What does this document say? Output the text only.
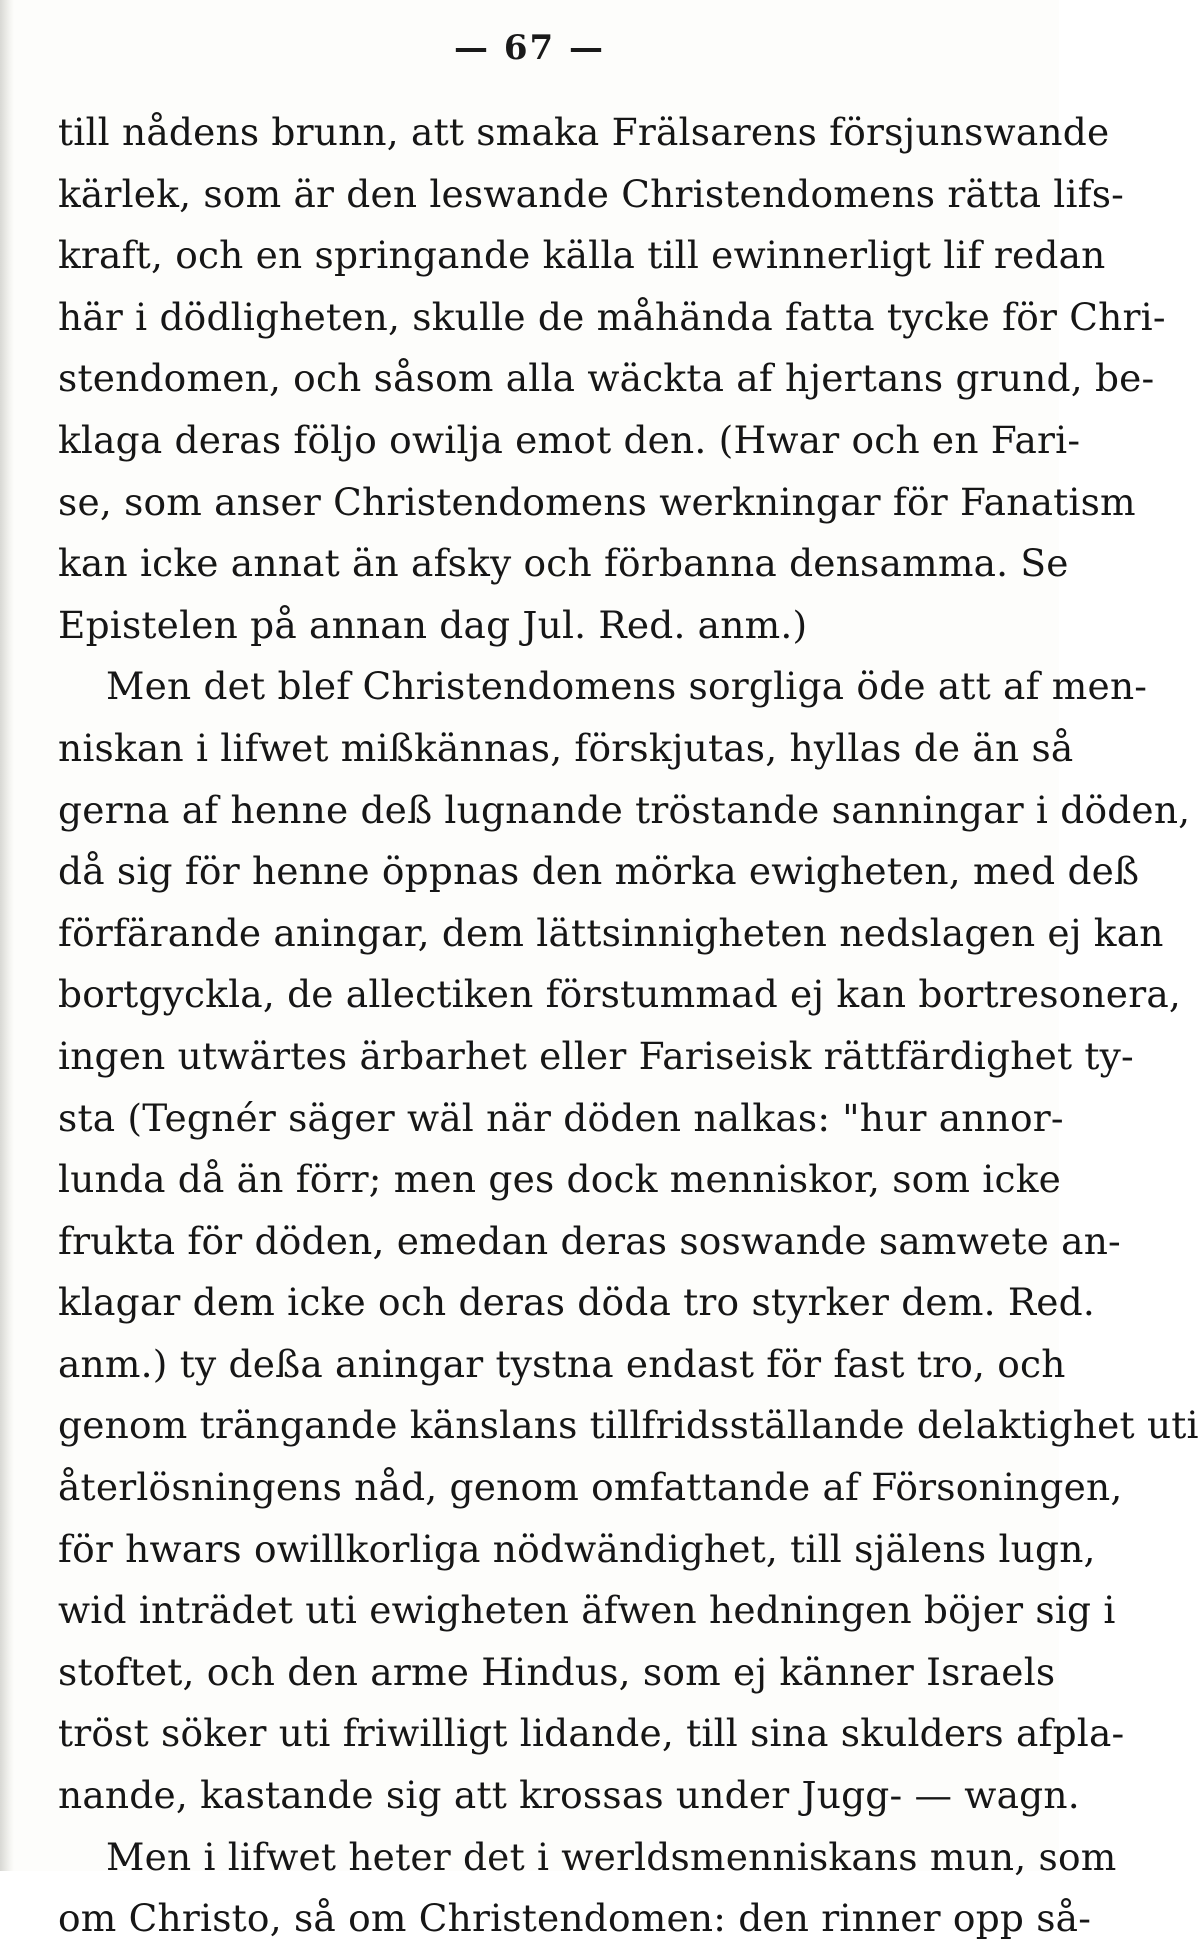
— 67 —
till nådens brunn, att smaka Frälsarens försjunswande
kärlek, som är den leswande Christendomens rätta lifs-
kraft, och en springande källa till ewinnerligt lif redan
här i dödligheten, skulle de måhända fatta tycke för Chri-
stendomen, och såsom alla wäckta af hjertans grund, be-
klaga deras följo owilja emot den. (Hwar och en Fari-
se, som anser Christendomens werkningar för Fanatism
kan icke annat än afsky och förbanna densamma. Se
Epistelen på annan dag Jul. Red. anm.)
Men det blef Christendomens sorgliga öde att af men-
niskan i lifwet mißkännas, förskjutas, hyllas de än så
gerna af henne deß lugnande tröstande sanningar i döden,
då sig för henne öppnas den mörka ewigheten, med deß
förfärande aningar, dem lättsinnigheten nedslagen ej kan
bortgyckla, de allectiken förstummad ej kan bortresonera,
ingen utwärtes ärbarhet eller Fariseisk rättfärdighet ty-
sta (Tegnér säger wäl när döden nalkas: "hur annor-
lunda då än förr; men ges dock menniskor, som icke
frukta för döden, emedan deras soswande samwete an-
klagar dem icke och deras döda tro styrker dem. Red.
anm.) ty deßa aningar tystna endast för fast tro, och
genom trängande känslans tillfridsställande delaktighet uti
återlösningens nåd, genom omfattande af Försoningen,
för hwars owillkorliga nödwändighet, till själens lugn,
wid inträdet uti ewigheten äfwen hedningen böjer sig i
stoftet, och den arme Hindus, som ej känner Israels
tröst söker uti friwilligt lidande, till sina skulders afpla-
nande, kastande sig att krossas under Jugg- — wagn.
Men i lifwet heter det i werldsmenniskans mun, som
om Christo, så om Christendomen: den rinner opp så-
